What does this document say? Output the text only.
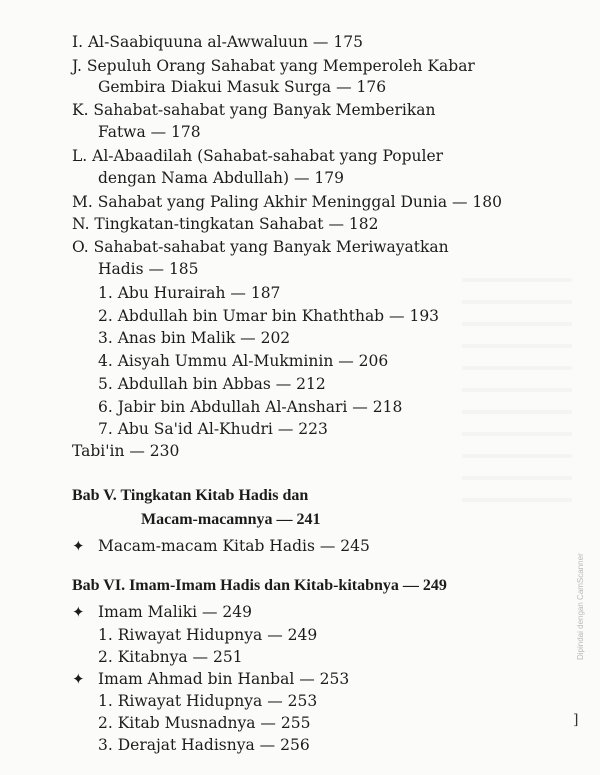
I. Al-Saabiquuna al-Awwaluun — 175
J. Sepuluh Orang Sahabat yang Memperoleh Kabar
Gembira Diakui Masuk Surga — 176
K. Sahabat-sahabat yang Banyak Memberikan
Fatwa — 178
L. Al-Abaadilah (Sahabat-sahabat yang Populer
dengan Nama Abdullah) — 179
M. Sahabat yang Paling Akhir Meninggal Dunia — 180
N. Tingkatan-tingkatan Sahabat — 182
O. Sahabat-sahabat yang Banyak Meriwayatkan
Hadis — 185
1. Abu Hurairah — 187
2. Abdullah bin Umar bin Khaththab — 193
3. Anas bin Malik — 202
4. Aisyah Ummu Al-Mukminin — 206
5. Abdullah bin Abbas — 212
6. Jabir bin Abdullah Al-Anshari — 218
7. Abu Sa'id Al-Khudri — 223
Tabi'in — 230
Bab V. Tingkatan Kitab Hadis dan
Macam-macamnya — 241
✦ Macam-macam Kitab Hadis — 245
Bab VI. Imam-Imam Hadis dan Kitab-kitabnya — 249
✦ Imam Maliki — 249
1. Riwayat Hidupnya — 249
2. Kitabnya — 251
✦ Imam Ahmad bin Hanbal — 253
1. Riwayat Hidupnya — 253
2. Kitab Musnadnya — 255
3. Derajat Hadisnya — 256
]
Dipindai dengan CamScanner
